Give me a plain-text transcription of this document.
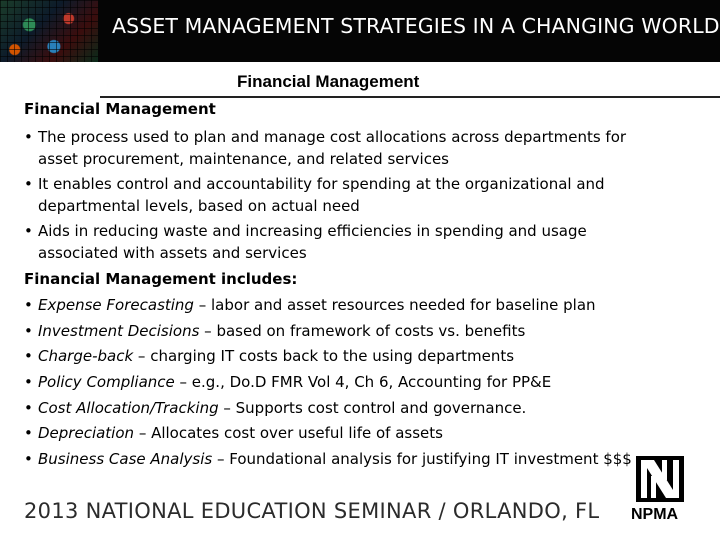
ASSET MANAGEMENT STRATEGIES IN A CHANGING WORLD
Financial Management
Financial Management
• The process used to plan and manage cost allocations across departments for
asset procurement, maintenance, and related services
• It enables control and accountability for spending at the organizational and
departmental levels, based on actual need
• Aids in reducing waste and increasing efficiencies in spending and usage
associated with assets and services
Financial Management includes:
• Expense Forecasting – labor and asset resources needed for baseline plan
• Investment Decisions – based on framework of costs vs. benefits
• Charge-back – charging IT costs back to the using departments
• Policy Compliance – e.g., Do.D FMR Vol 4, Ch 6, Accounting for PP&E
• Cost Allocation/Tracking – Supports cost control and governance.
• Depreciation – Allocates cost over useful life of assets
• Business Case Analysis – Foundational analysis for justifying IT investment $$$
2013 NATIONAL EDUCATION SEMINAR / ORLANDO, FL NPMA
